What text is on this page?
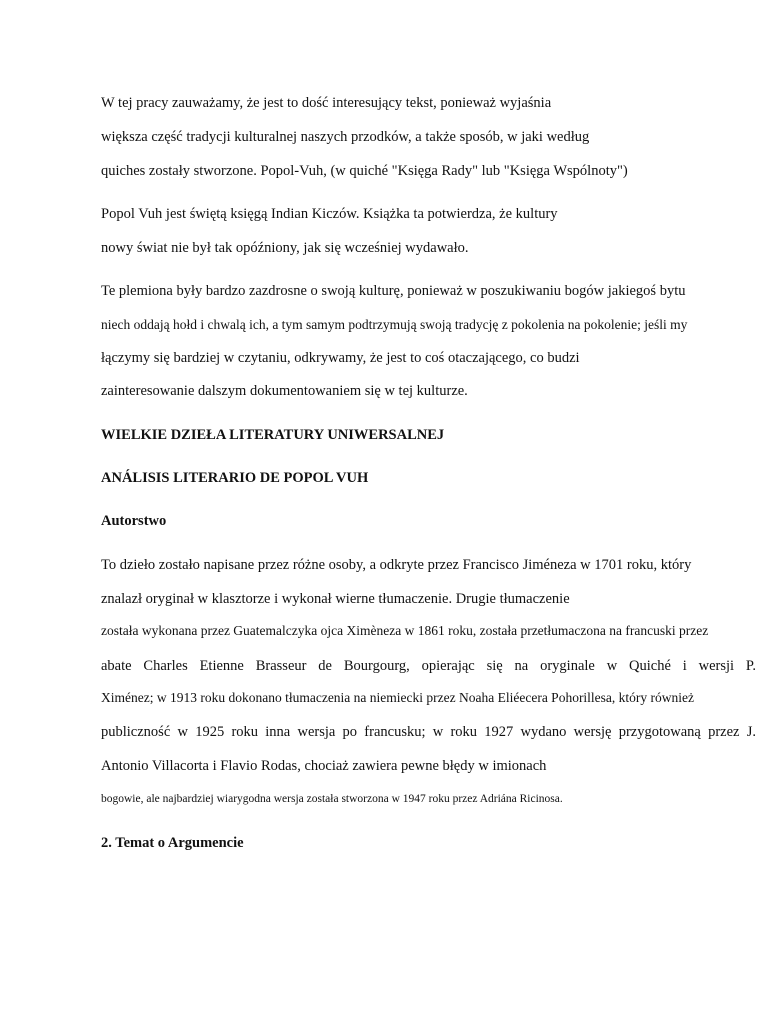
W tej pracy zauważamy, że jest to dość interesujący tekst, ponieważ wyjaśnia
większa część tradycji kulturalnej naszych przodków, a także sposób, w jaki według
quiches zostały stworzone. Popol-Vuh, (w quiché "Księga Rady" lub "Księga Wspólnoty")
Popol Vuh jest świętą księgą Indian Kiczów. Książka ta potwierdza, że kultury
nowy świat nie był tak opóźniony, jak się wcześniej wydawało.
Te plemiona były bardzo zazdrosne o swoją kulturę, ponieważ w poszukiwaniu bogów jakiegoś bytu
niech oddają hołd i chwalą ich, a tym samym podtrzymują swoją tradycję z pokolenia na pokolenie; jeśli my
łączymy się bardziej w czytaniu, odkrywamy, że jest to coś otaczającego, co budzi
zainteresowanie dalszym dokumentowaniem się w tej kulturze.
WIELKIE DZIEŁA LITERATURY UNIWERSALNEJ
ANÁLISIS LITERARIO DE POPOL VUH
Autorstwo
To dzieło zostało napisane przez różne osoby, a odkryte przez Francisco Jiméneza w 1701 roku, który
znalazł oryginał w klasztorze i wykonał wierne tłumaczenie. Drugie tłumaczenie
została wykonana przez Guatemalczyka ojca Ximèneza w 1861 roku, została przetłumaczona na francuski przez
abate Charles Etienne Brasseur de Bourgourg, opierając się na oryginale w Quiché i wersji P.
Ximénez; w 1913 roku dokonano tłumaczenia na niemiecki przez Noaha Eliéecera Pohorillesa, który również
publiczność w 1925 roku inna wersja po francusku; w roku 1927 wydano wersję przygotowaną przez J.
Antonio Villacorta i Flavio Rodas, chociaż zawiera pewne błędy w imionach
bogowie, ale najbardziej wiarygodna wersja została stworzona w 1947 roku przez Adriána Ricinosa.
2. Temat o Argumencie
